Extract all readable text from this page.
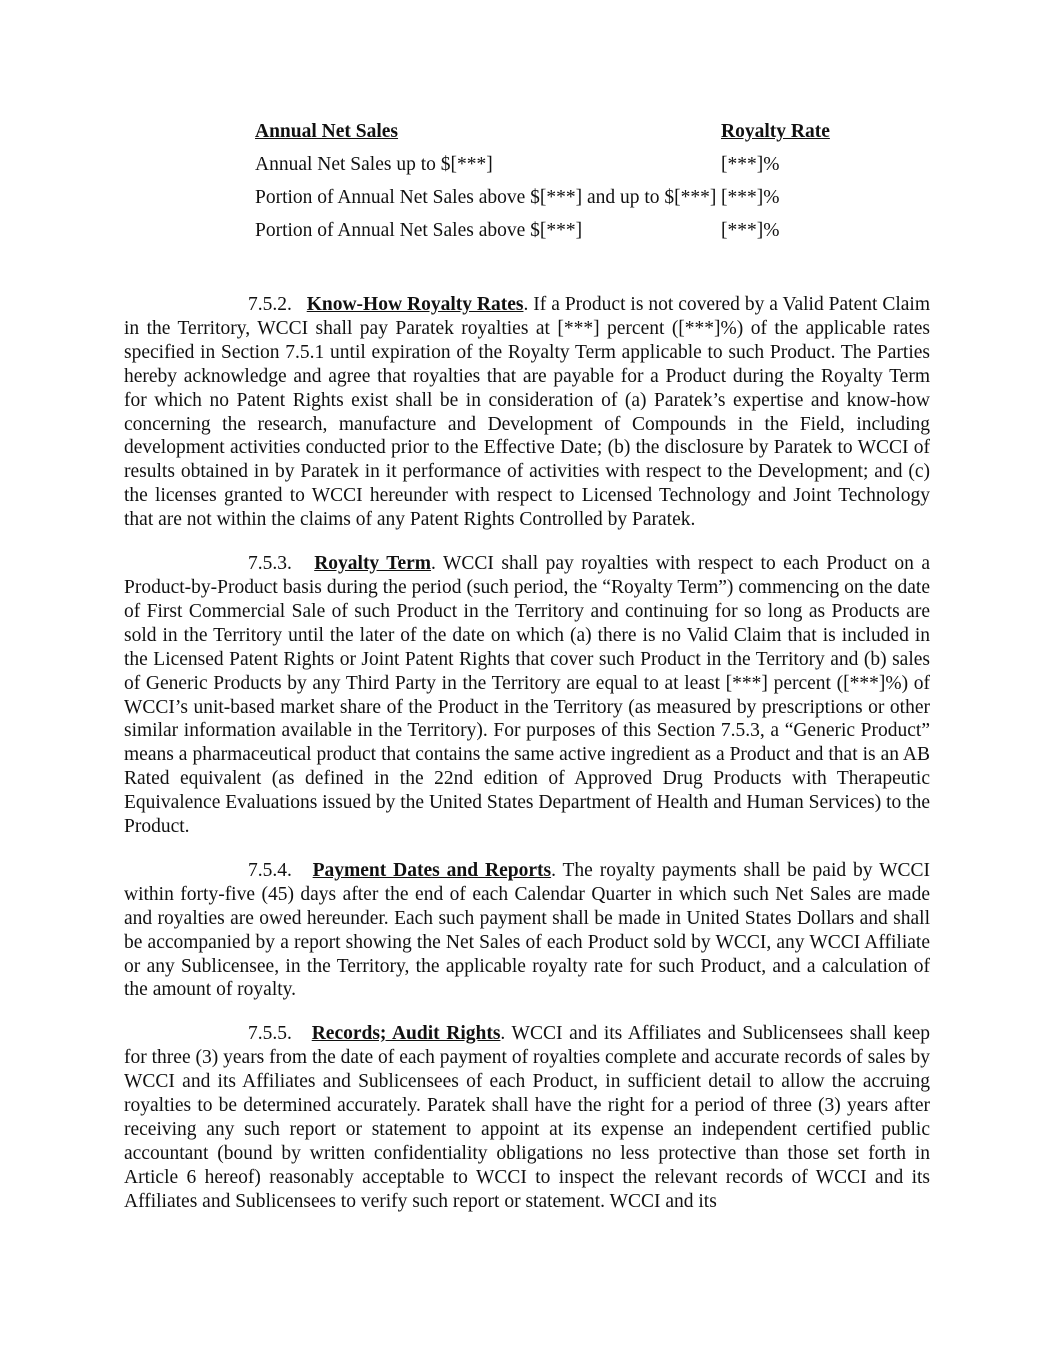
Annual Net Sales	Royalty Rate
Annual Net Sales up to $[***]	[***]%
Portion of Annual Net Sales above $[***] and up to $[***]	[***]%
Portion of Annual Net Sales above $[***]	[***]%

7.5.2. Know-How Royalty Rates. If a Product is not covered by a Valid Patent Claim in the Territory, WCCI shall pay Paratek royalties at [***] percent ([***]%) of the applicable rates specified in Section 7.5.1 until expiration of the Royalty Term applicable to such Product. The Parties hereby acknowledge and agree that royalties that are payable for a Product during the Royalty Term for which no Patent Rights exist shall be in consideration of (a) Paratek’s expertise and know-how concerning the research, manufacture and Development of Compounds in the Field, including development activities conducted prior to the Effective Date; (b) the disclosure by Paratek to WCCI of results obtained in by Paratek in it performance of activities with respect to the Development; and (c) the licenses granted to WCCI hereunder with respect to Licensed Technology and Joint Technology that are not within the claims of any Patent Rights Controlled by Paratek.

7.5.3. Royalty Term. WCCI shall pay royalties with respect to each Product on a Product-by-Product basis during the period (such period, the “Royalty Term”) commencing on the date of First Commercial Sale of such Product in the Territory and continuing for so long as Products are sold in the Territory until the later of the date on which (a) there is no Valid Claim that is included in the Licensed Patent Rights or Joint Patent Rights that cover such Product in the Territory and (b) sales of Generic Products by any Third Party in the Territory are equal to at least [***] percent ([***]%) of WCCI’s unit-based market share of the Product in the Territory (as measured by prescriptions or other similar information available in the Territory). For purposes of this Section 7.5.3, a “Generic Product” means a pharmaceutical product that contains the same active ingredient as a Product and that is an AB Rated equivalent (as defined in the 22nd edition of Approved Drug Products with Therapeutic Equivalence Evaluations issued by the United States Department of Health and Human Services) to the Product.

7.5.4. Payment Dates and Reports. The royalty payments shall be paid by WCCI within forty-five (45) days after the end of each Calendar Quarter in which such Net Sales are made and royalties are owed hereunder. Each such payment shall be made in United States Dollars and shall be accompanied by a report showing the Net Sales of each Product sold by WCCI, any WCCI Affiliate or any Sublicensee, in the Territory, the applicable royalty rate for such Product, and a calculation of the amount of royalty.

7.5.5. Records; Audit Rights. WCCI and its Affiliates and Sublicensees shall keep for three (3) years from the date of each payment of royalties complete and accurate records of sales by WCCI and its Affiliates and Sublicensees of each Product, in sufficient detail to allow the accruing royalties to be determined accurately. Paratek shall have the right for a period of three (3) years after receiving any such report or statement to appoint at its expense an independent certified public accountant (bound by written confidentiality obligations no less protective than those set forth in Article 6 hereof) reasonably acceptable to WCCI to inspect the relevant records of WCCI and its Affiliates and Sublicensees to verify such report or statement. WCCI and its
